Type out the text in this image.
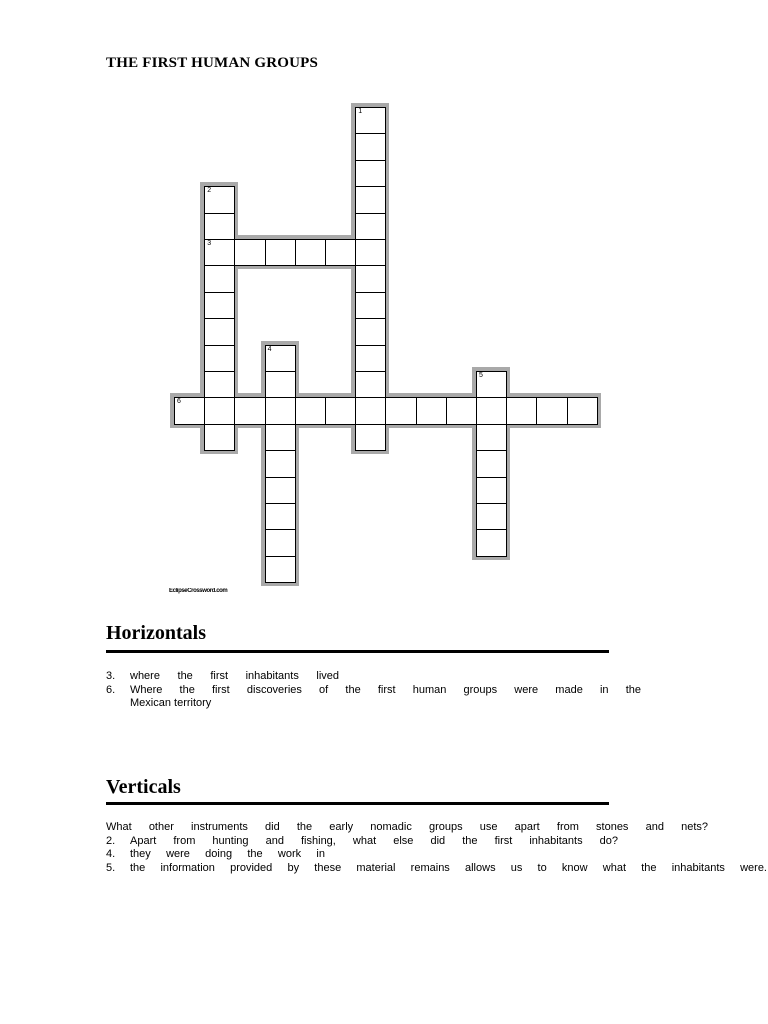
THE FIRST HUMAN GROUPS
1
2
3
4
5
6
EclipseCrossword.com
Horizontals
3. where the first inhabitants lived
6. Where the first discoveries of the first human groups were made in the
Mexican territory
Verticals
What other instruments did the early nomadic groups use apart from stones and nets?
2. Apart from hunting and fishing, what else did the first inhabitants do?
4. they were doing the work in
5. the information provided by these material remains allows us to know what the inhabitants were.
